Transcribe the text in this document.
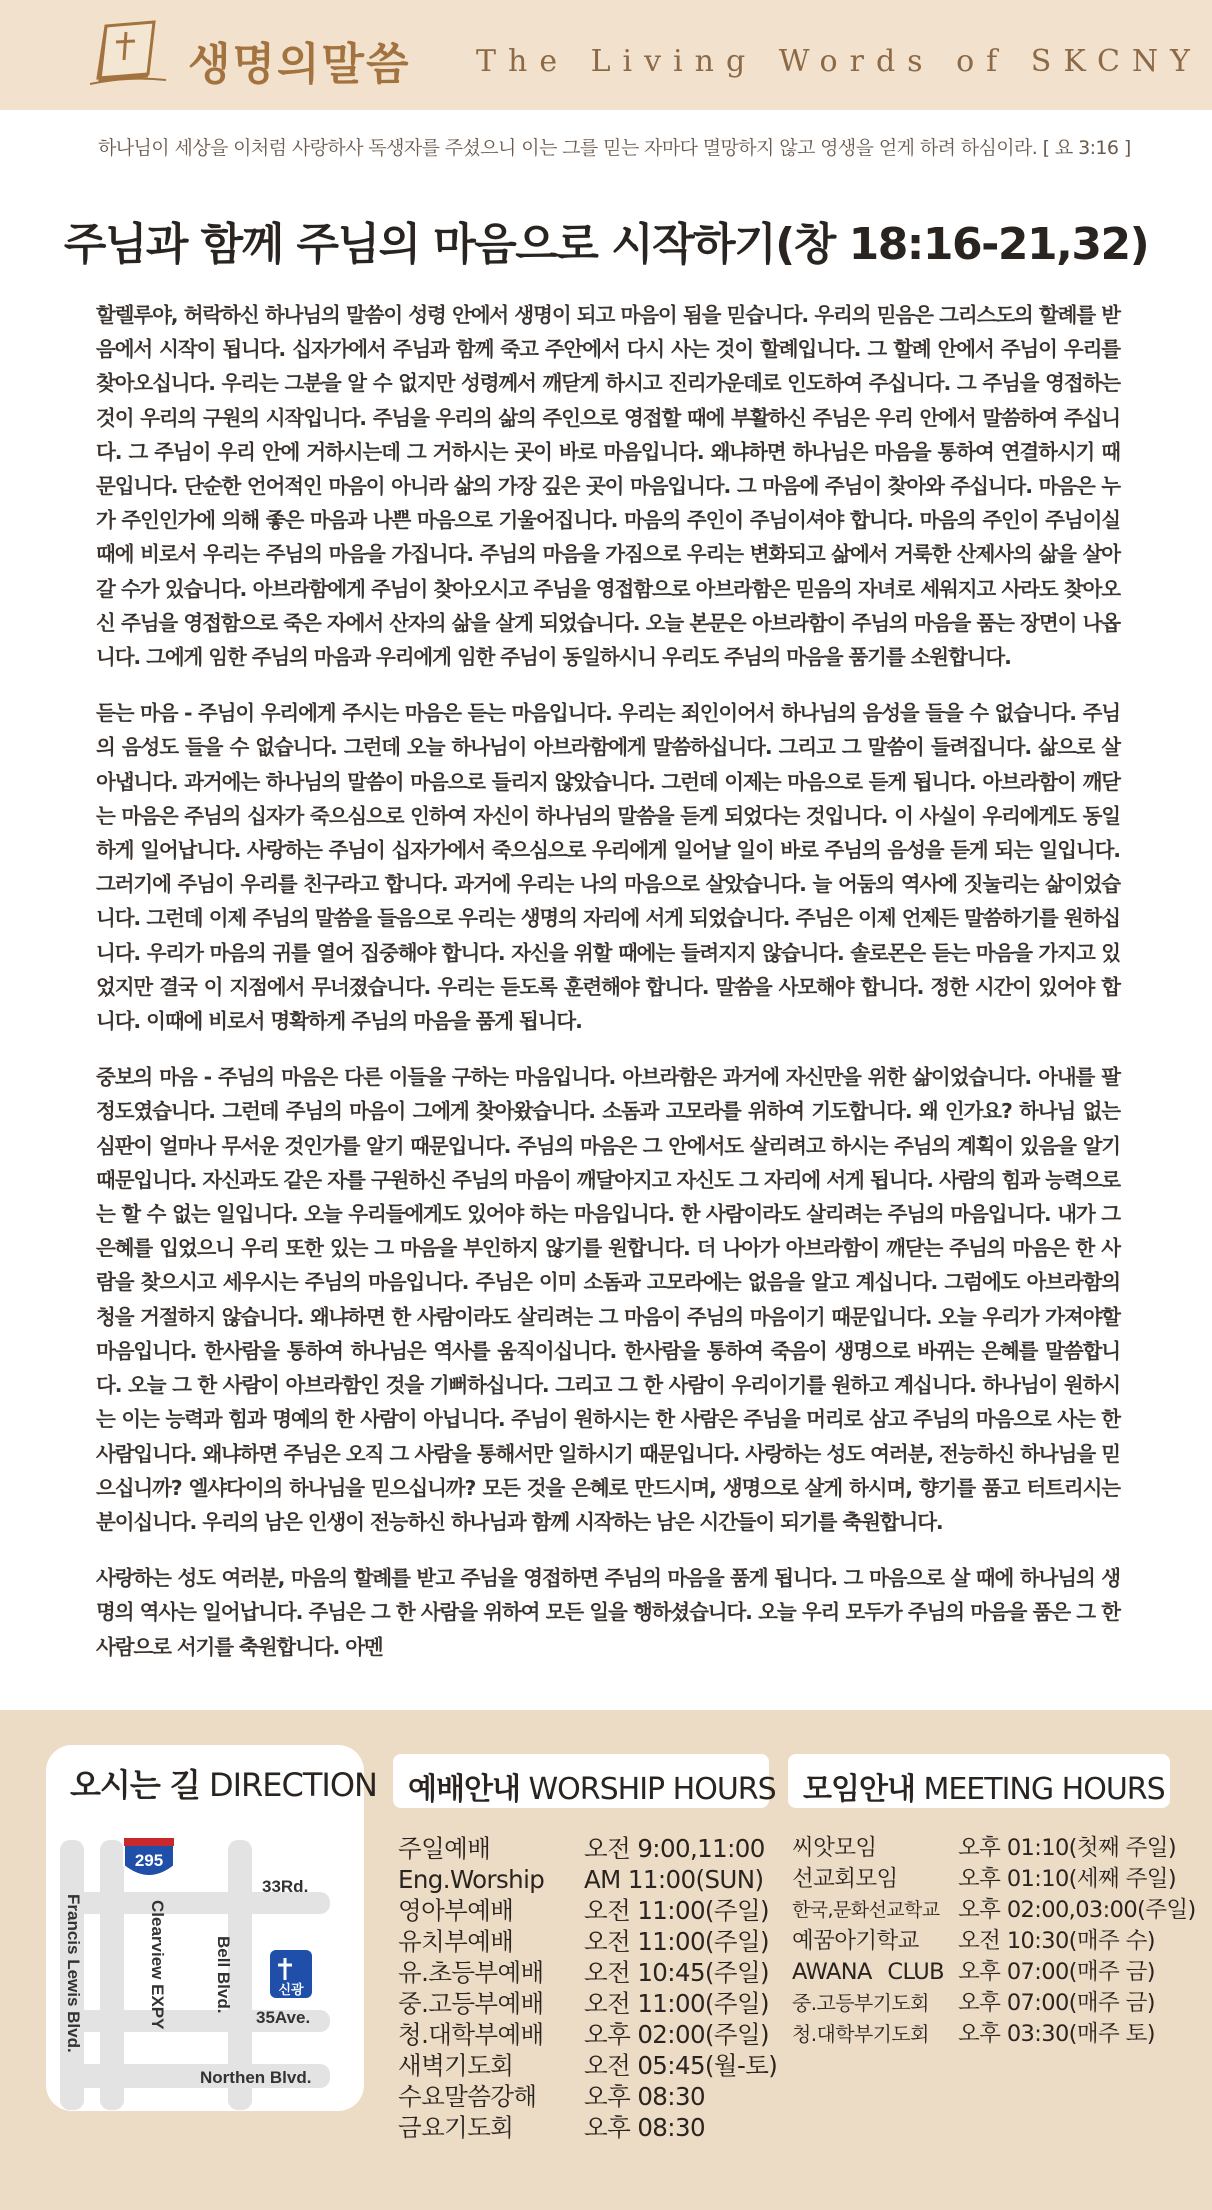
생명의말씀 The Living Words of SKCNY
하나님이 세상을 이처럼 사랑하사 독생자를 주셨으니 이는 그를 믿는 자마다 멸망하지 않고 영생을 얻게 하려 하심이라. [ 요 3:16 ]
주님과 함께 주님의 마음으로 시작하기(창 18:16-21,32)

할렐루야, 허락하신 하나님의 말씀이 성령 안에서 생명이 되고 마음이 됨을 믿습니다. 우리의 믿음은 그리스도의 할례를 받음에서 시작이 됩니다. 십자가에서 주님과 함께 죽고 주안에서 다시 사는 것이 할례입니다. 그 할례 안에서 주님이 우리를 찾아오십니다. 우리는 그분을 알 수 없지만 성령께서 깨닫게 하시고 진리가운데로 인도하여 주십니다. 그 주님을 영접하는 것이 우리의 구원의 시작입니다. 주님을 우리의 삶의 주인으로 영접할 때에 부활하신 주님은 우리 안에서 말씀하여 주십니다. 그 주님이 우리 안에 거하시는데 그 거하시는 곳이 바로 마음입니다. 왜냐하면 하나님은 마음을 통하여 연결하시기 때문입니다. 단순한 언어적인 마음이 아니라 삶의 가장 깊은 곳이 마음입니다. 그 마음에 주님이 찾아와 주십니다. 마음은 누가 주인인가에 의해 좋은 마음과 나쁜 마음으로 기울어집니다. 마음의 주인이 주님이셔야 합니다. 마음의 주인이 주님이실 때에 비로서 우리는 주님의 마음을 가집니다. 주님의 마음을 가짐으로 우리는 변화되고 삶에서 거룩한 산제사의 삶을 살아갈 수가 있습니다. 아브라함에게 주님이 찾아오시고 주님을 영접함으로 아브라함은 믿음의 자녀로 세워지고 사라도 찾아오신 주님을 영접함으로 죽은 자에서 산자의 삶을 살게 되었습니다. 오늘 본문은 아브라함이 주님의 마음을 품는 장면이 나옵니다. 그에게 임한 주님의 마음과 우리에게 임한 주님이 동일하시니 우리도 주님의 마음을 품기를 소원합니다.

듣는 마음 - 주님이 우리에게 주시는 마음은 듣는 마음입니다. 우리는 죄인이어서 하나님의 음성을 들을 수 없습니다. 주님의 음성도 들을 수 없습니다. 그런데 오늘 하나님이 아브라함에게 말씀하십니다. 그리고 그 말씀이 들려집니다. 삶으로 살아냅니다. 과거에는 하나님의 말씀이 마음으로 들리지 않았습니다. 그런데 이제는 마음으로 듣게 됩니다. 아브라함이 깨닫는 마음은 주님의 십자가 죽으심으로 인하여 자신이 하나님의 말씀을 듣게 되었다는 것입니다. 이 사실이 우리에게도 동일하게 일어납니다. 사랑하는 주님이 십자가에서 죽으심으로 우리에게 일어날 일이 바로 주님의 음성을 듣게 되는 일입니다. 그러기에 주님이 우리를 친구라고 합니다. 과거에 우리는 나의 마음으로 살았습니다. 늘 어둠의 역사에 짓눌리는 삶이었습니다. 그런데 이제 주님의 말씀을 들음으로 우리는 생명의 자리에 서게 되었습니다. 주님은 이제 언제든 말씀하기를 원하십니다. 우리가 마음의 귀를 열어 집중해야 합니다. 자신을 위할 때에는 들려지지 않습니다. 솔로몬은 듣는 마음을 가지고 있었지만 결국 이 지점에서 무너졌습니다. 우리는 듣도록 훈련해야 합니다. 말씀을 사모해야 합니다. 정한 시간이 있어야 합니다. 이때에 비로서 명확하게 주님의 마음을 품게 됩니다.

중보의 마음 - 주님의 마음은 다른 이들을 구하는 마음입니다. 아브라함은 과거에 자신만을 위한 삶이었습니다. 아내를 팔정도였습니다. 그런데 주님의 마음이 그에게 찾아왔습니다. 소돔과 고모라를 위하여 기도합니다. 왜 인가요? 하나님 없는 심판이 얼마나 무서운 것인가를 알기 때문입니다. 주님의 마음은 그 안에서도 살리려고 하시는 주님의 계획이 있음을 알기 때문입니다. 자신과도 같은 자를 구원하신 주님의 마음이 깨달아지고 자신도 그 자리에 서게 됩니다. 사람의 힘과 능력으로는 할 수 없는 일입니다. 오늘 우리들에게도 있어야 하는 마음입니다. 한 사람이라도 살리려는 주님의 마음입니다. 내가 그 은혜를 입었으니 우리 또한 있는 그 마음을 부인하지 않기를 원합니다. 더 나아가 아브라함이 깨닫는 주님의 마음은 한 사람을 찾으시고 세우시는 주님의 마음입니다. 주님은 이미 소돔과 고모라에는 없음을 알고 계십니다. 그럼에도 아브라함의 청을 거절하지 않습니다. 왜냐하면 한 사람이라도 살리려는 그 마음이 주님의 마음이기 때문입니다. 오늘 우리가 가져야할 마음입니다. 한사람을 통하여 하나님은 역사를 움직이십니다. 한사람을 통하여 죽음이 생명으로 바뀌는 은혜를 말씀합니다. 오늘 그 한 사람이 아브라함인 것을 기뻐하십니다. 그리고 그 한 사람이 우리이기를 원하고 계십니다. 하나님이 원하시는 이는 능력과 힘과 명예의 한 사람이 아닙니다. 주님이 원하시는 한 사람은 주님을 머리로 삼고 주님의 마음으로 사는 한 사람입니다. 왜냐하면 주님은 오직 그 사람을 통해서만 일하시기 때문입니다. 사랑하는 성도 여러분, 전능하신 하나님을 믿으십니까? 엘샤다이의 하나님을 믿으십니까? 모든 것을 은혜로 만드시며, 생명으로 살게 하시며, 향기를 품고 터트리시는 분이십니다. 우리의 남은 인생이 전능하신 하나님과 함께 시작하는 남은 시간들이 되기를 축원합니다.

사랑하는 성도 여러분, 마음의 할례를 받고 주님을 영접하면 주님의 마음을 품게 됩니다. 그 마음으로 살 때에 하나님의 생명의 역사는 일어납니다. 주님은 그 한 사람을 위하여 모든 일을 행하셨습니다. 오늘 우리 모두가 주님의 마음을 품은 그 한 사람으로 서기를 축원합니다. 아멘

오시는 길 DIRECTION
295
33Rd.
35Ave.
Northen Blvd.
Clearview EXPY
Francis Lewis Blvd.	Bell Blvd.	신광
예배안내 WORSHIP HOURS
주일예배	오전 9:00,11:00
Eng.Worship	AM 11:00(SUN)
영아부예배	오전 11:00(주일)
유치부예배	오전 11:00(주일)
유.초등부예배	오전 10:45(주일)
중.고등부예배	오전 11:00(주일)
청.대학부예배	오후 02:00(주일)
새벽기도회	오전 05:45(월-토)
수요말씀강해	오후 08:30
금요기도회	오후 08:30
모임안내 MEETING HOURS
씨앗모임	오후 01:10(첫째 주일)
선교회모임	오후 01:10(세째 주일)
한국,문화선교학교 오후 02:00,03:00(주일)
예꿈아기학교	오전 10:30(매주 수)
AWANA CLUB 오후 07:00(매주 금)
중.고등부기도회	오후 07:00(매주 금)
청.대학부기도회	오후 03:30(매주 토)
